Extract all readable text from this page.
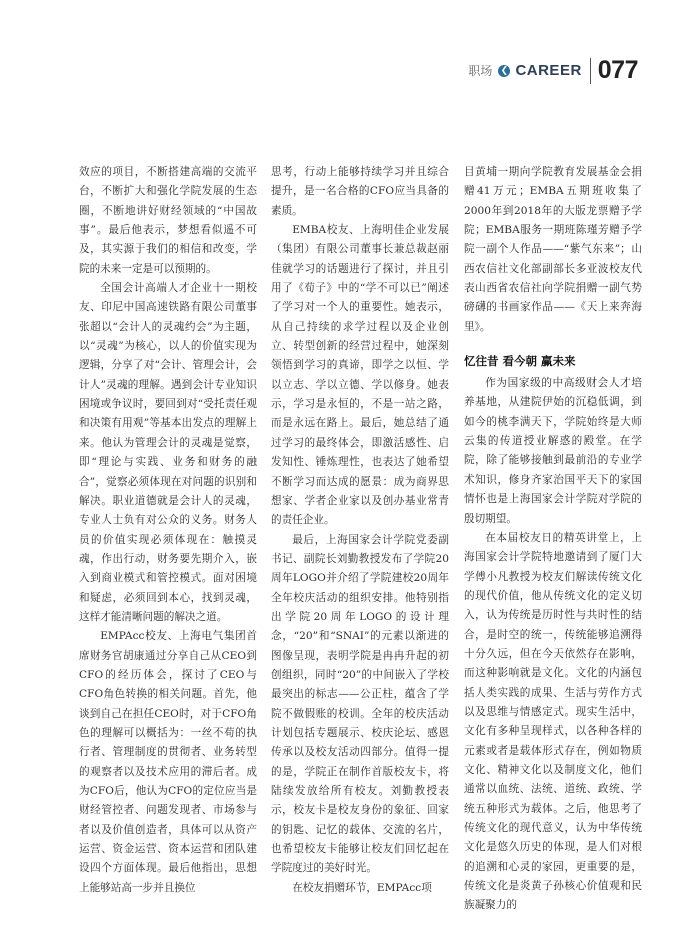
职场 ❮ CAREER 077

效应的项目，不断搭建高端的交流平台，不断扩大和强化学院发展的生态圈，不断地讲好财经领域的“中国故事”。最后他表示，梦想看似遥不可及，其实源于我们的相信和改变，学院的未来一定是可以预期的。

全国会计高端人才企业十一期校友、印尼中国高速铁路有限公司董事张超以“会计人的灵魂约会”为主题，以“灵魂”为核心，以人的价值实现为逻辑，分享了对“会计、管理会计，会计人”灵魂的理解。遇到会计专业知识困境或争议时，要回到对“受托责任观和决策有用观”等基本出发点的理解上来。他认为管理会计的灵魂是觉察，即“理论与实践、业务和财务的融合”，觉察必须体现在对问题的识别和解决。职业道德就是会计人的灵魂，专业人士负有对公众的义务。财务人员的价值实现必须体现在：触摸灵魂，作出行动，财务要先期介入，嵌入到商业模式和管控模式。面对困境和疑虑，必须回到本心，找到灵魂，这样才能清晰问题的解决之道。

EMPAcc校友、上海电气集团首席财务官胡康通过分享自己从CEO到CFO的经历体会，探讨了CEO与CFO角色转换的相关问题。首先，他谈到自己在担任CEO时，对于CFO角色的理解可以概括为：一丝不苟的执行者、管理制度的贯彻者、业务转型的观察者以及技术应用的滞后者。成为CFO后，他认为CFO的定位应当是财经管控者、问题发现者、市场参与者以及价值创造者，具体可以从资产运营、资金运营、资本运营和团队建设四个方面体现。最后他指出，思想上能够站高一步并且换位

思考，行动上能够持续学习并且综合提升，是一名合格的CFO应当具备的素质。

EMBA校友、上海明佳企业发展（集团）有限公司董事长兼总裁赵丽佳就学习的话题进行了探讨，并且引用了《荀子》中的“学不可以已”阐述了学习对一个人的重要性。她表示，从自己持续的求学过程以及企业创立、转型创新的经营过程中，她深刻领悟到学习的真谛，即学之以恒、学以立志、学以立德、学以修身。她表示，学习是永恒的，不是一站之路，而是永远在路上。最后，她总结了通过学习的最终体会，即激活感性、启发知性、锤炼理性，也表达了她希望不断学习而达成的愿景：成为商界思想家、学者企业家以及创办基业常青的责任企业。

最后，上海国家会计学院党委副书记、副院长刘勤教授发布了学院20周年LOGO并介绍了学院建校20周年全年校庆活动的组织安排。他特别指出学院20周年LOGO的设计理念，“20”和“SNAI”的元素以渐进的图像呈现，表明学院是冉冉升起的初创组织，同时“20”的中间嵌入了学校最突出的标志——公正柱，蕴含了学院不做假账的校训。全年的校庆活动计划包括专题展示、校庆论坛、感恩传承以及校友活动四部分。值得一提的是，学院正在制作首版校友卡，将陆续发放给所有校友。刘勤教授表示，校友卡是校友身份的象征、回家的钥匙、记忆的载体、交流的名片，也希望校友卡能够让校友们回忆起在学院度过的美好时光。

在校友捐赠环节，EMPAcc项

目黄埔一期向学院教育发展基金会捐赠41万元；EMBA五期班收集了2000年到2018年的大版龙票赠予学院；EMBA服务一期班陈瑾芳赠予学院一副个人作品——“紫气东来”；山西农信社文化部副部长多亚波校友代表山西省农信社向学院捐赠一副气势磅礴的书画家作品——《天上来奔海里》。

忆往昔 看今朝 赢未来

作为国家级的中高级财会人才培养基地，从建院伊始的沉稳低调，到如今的桃李满天下，学院始终是大师云集的传道授业解惑的殿堂。在学院，除了能够接触到最前沿的专业学术知识，修身齐家治国平天下的家国情怀也是上海国家会计学院对学院的殷切期望。

在本届校友日的精英讲堂上，上海国家会计学院特地邀请到了厦门大学傅小凡教授为校友们解读传统文化的现代价值，他从传统文化的定义切入，认为传统是历时性与共时性的结合，是时空的统一，传统能够追溯得十分久远，但在今天依然存在影响，而这种影响就是文化。文化的内涵包括人类实践的成果、生活与劳作方式以及思维与情感定式。现实生活中，文化有多种呈现样式，以各种各样的元素或者是载体形式存在，例如物质文化、精神文化以及制度文化，他们通常以血统、法统、道统、政统、学统五种形式为载体。之后，他思考了传统文化的现代意义，认为中华传统文化是悠久历史的体现，是人们对根的追溯和心灵的家园，更重要的是，传统文化是炎黄子孙核心价值观和民族凝聚力的
